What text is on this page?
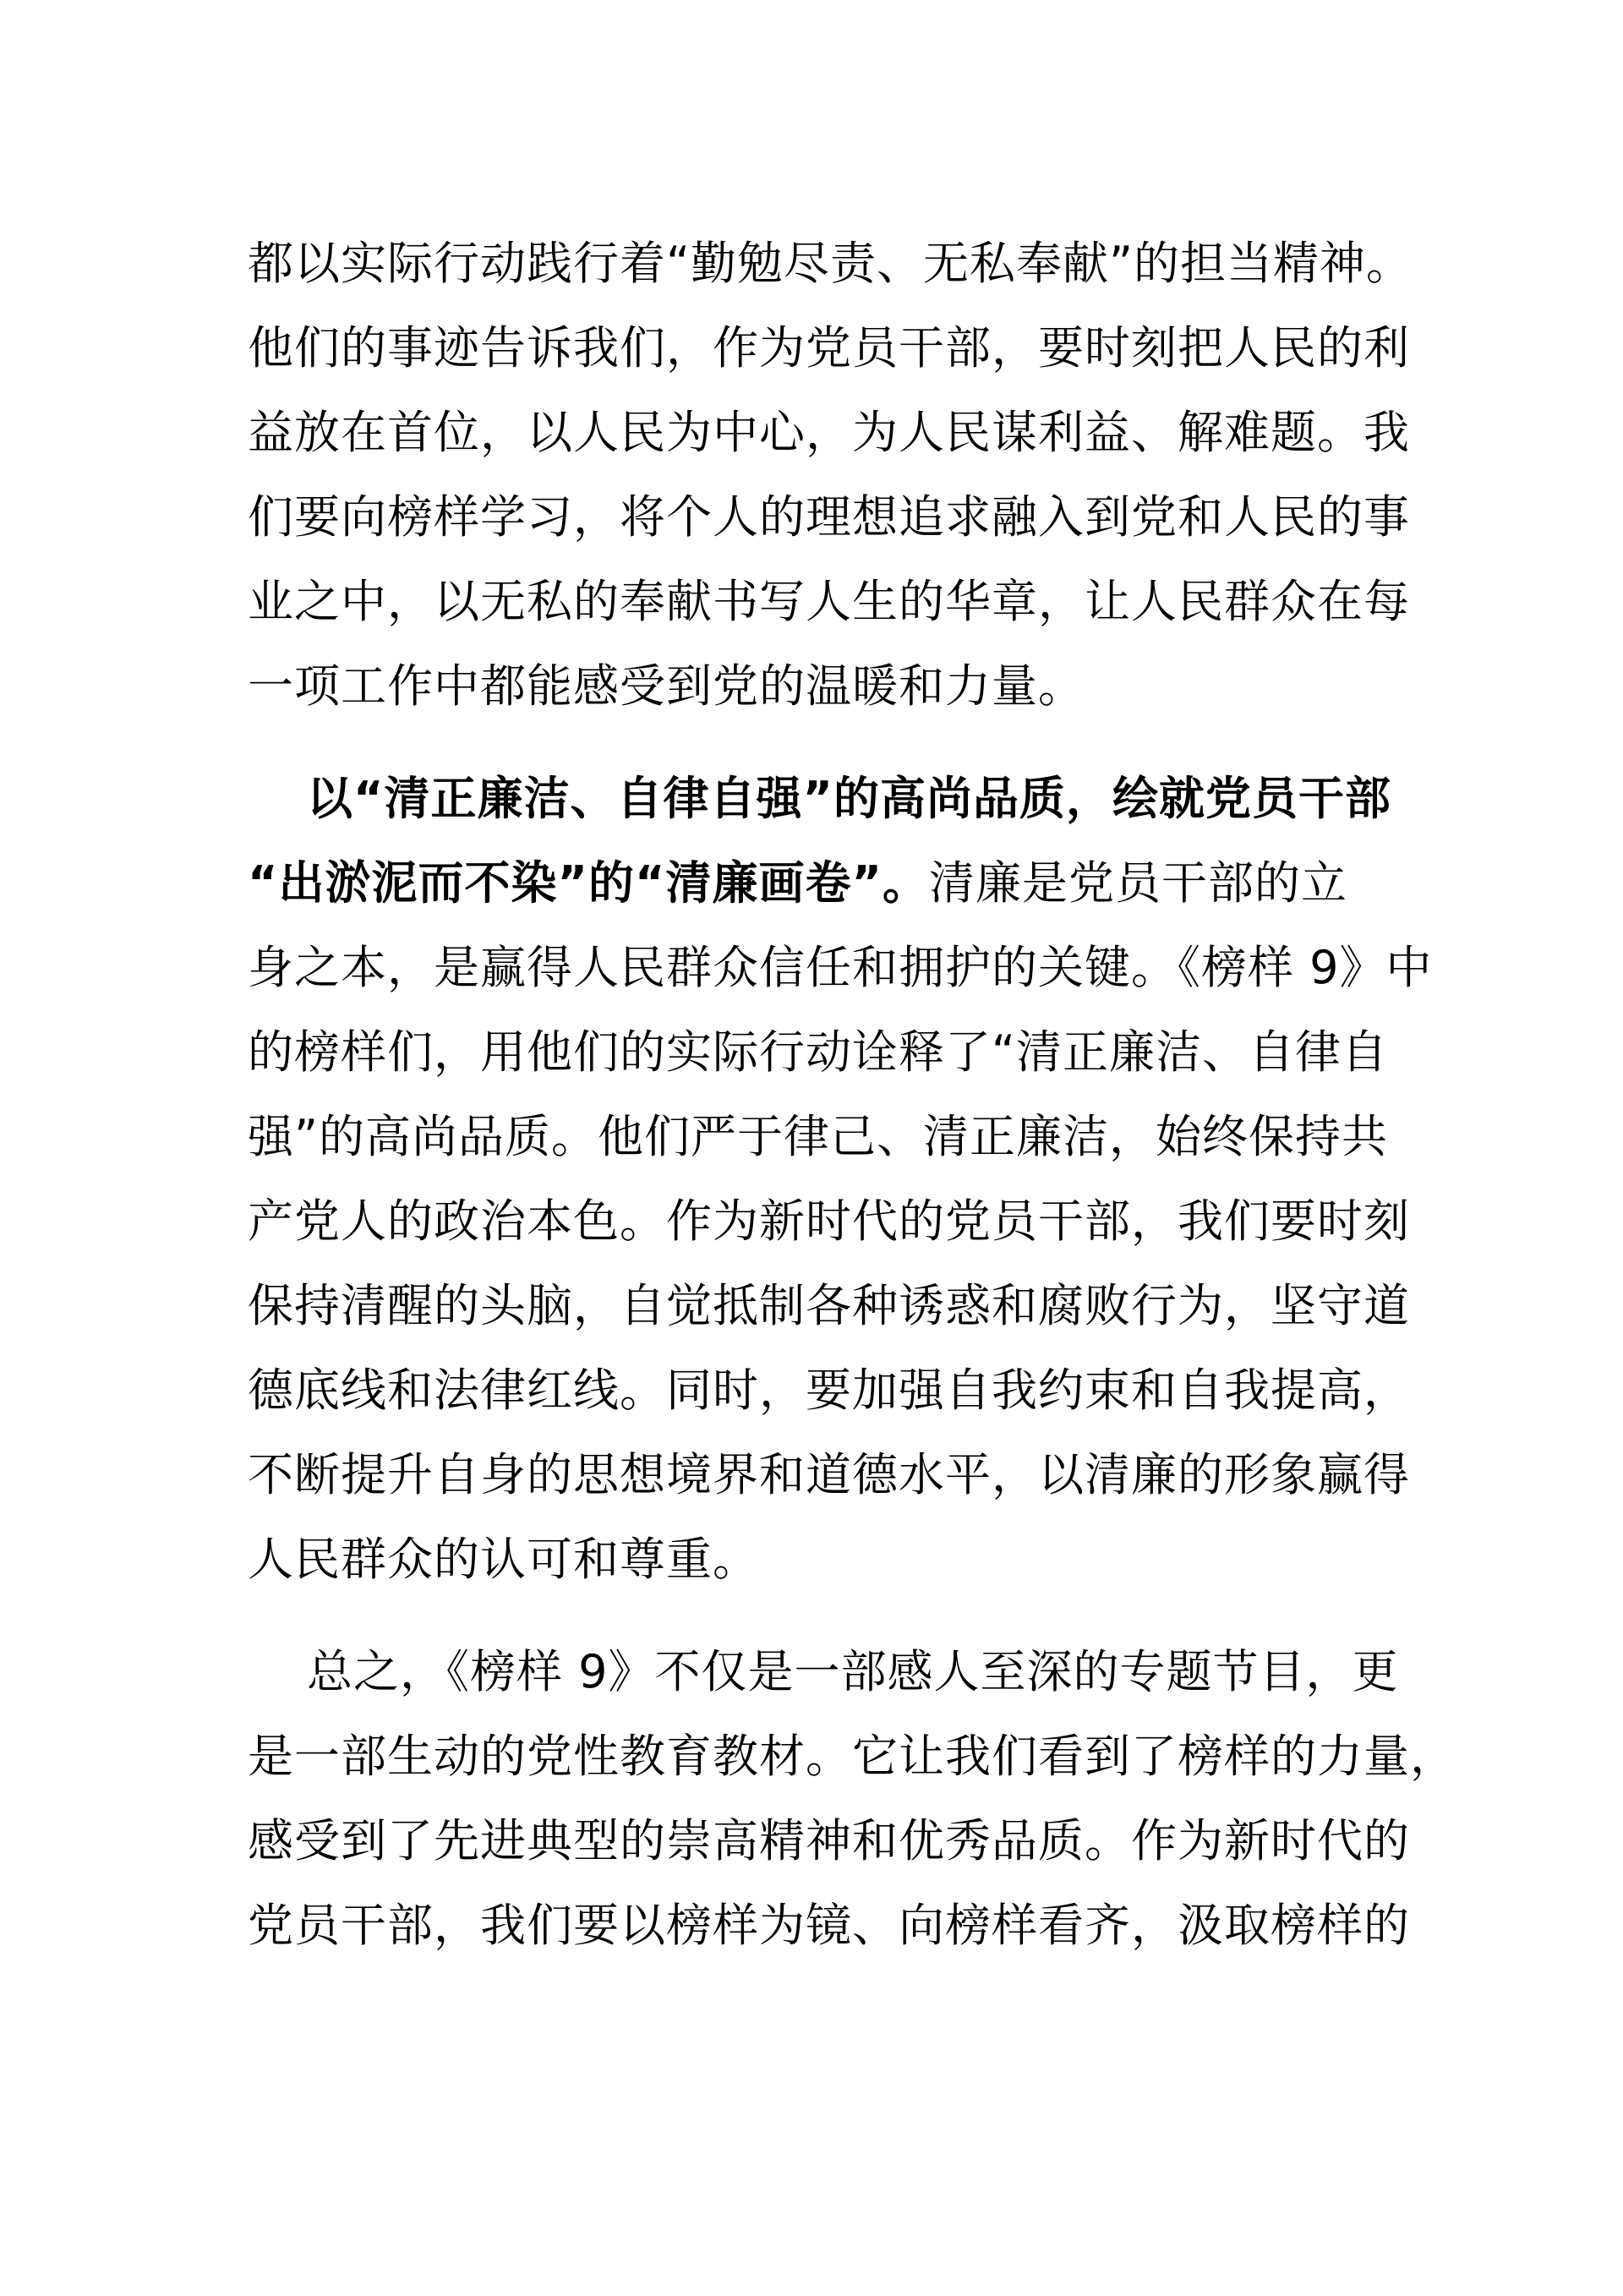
都以实际行动践行着“勤勉尽责、无私奉献”的担当精神。
他们的事迹告诉我们，作为党员干部，要时刻把人民的利
益放在首位，以人民为中心，为人民谋利益、解难题。我
们要向榜样学习，将个人的理想追求融入到党和人民的事
业之中，以无私的奉献书写人生的华章，让人民群众在每
一项工作中都能感受到党的温暖和力量。
以“清正廉洁、自律自强”的高尚品质，绘就党员干部
“出淤泥而不染”的“清廉画卷”。清廉是党员干部的立
身之本，是赢得人民群众信任和拥护的关键。《榜样 9》中
的榜样们，用他们的实际行动诠释了“清正廉洁、自律自
强”的高尚品质。他们严于律己、清正廉洁，始终保持共
产党人的政治本色。作为新时代的党员干部，我们要时刻
保持清醒的头脑，自觉抵制各种诱惑和腐败行为，坚守道
德底线和法律红线。同时，要加强自我约束和自我提高，
不断提升自身的思想境界和道德水平，以清廉的形象赢得
人民群众的认可和尊重。
总之，《榜样 9》不仅是一部感人至深的专题节目，更
是一部生动的党性教育教材。它让我们看到了榜样的力量，
感受到了先进典型的崇高精神和优秀品质。作为新时代的
党员干部，我们要以榜样为镜、向榜样看齐，汲取榜样的
